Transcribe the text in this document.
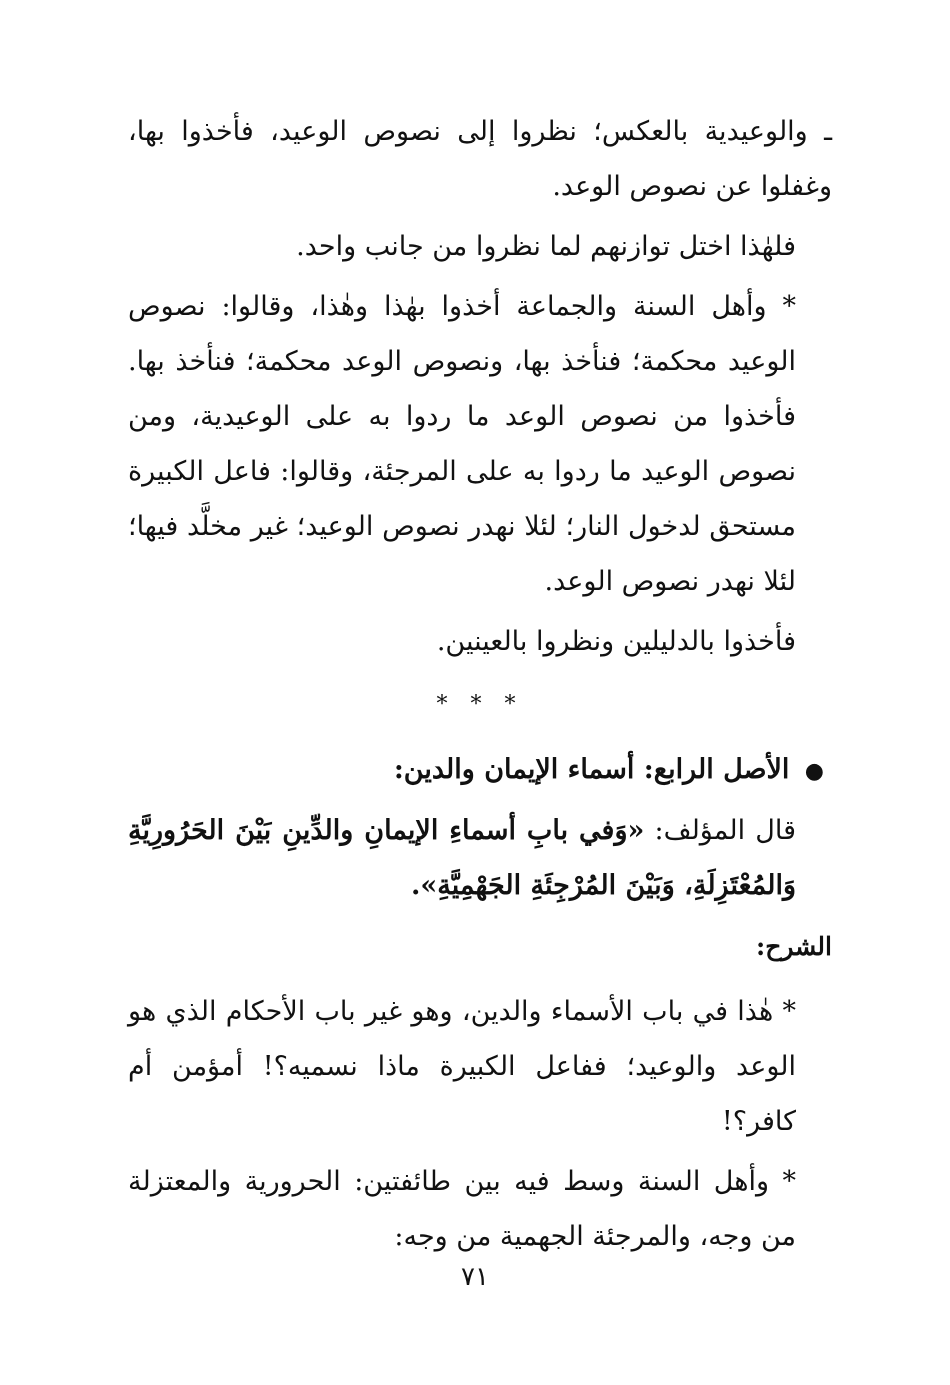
ـ والوعيدية بالعكس؛ نظروا إلى نصوص الوعيد، فأخذوا بها، وغفلوا عن نصوص الوعد.

فلهٰذا اختل توازنهم لما نظروا من جانب واحد.

* وأهل السنة والجماعة أخذوا بهٰذا وهٰذا، وقالوا: نصوص الوعيد محكمة؛ فنأخذ بها، ونصوص الوعد محكمة؛ فنأخذ بها. فأخذوا من نصوص الوعد ما ردوا به على الوعيدية، ومن نصوص الوعيد ما ردوا به على المرجئة، وقالوا: فاعل الكبيرة مستحق لدخول النار؛ لئلا نهدر نصوص الوعيد؛ غير مخلَّد فيها؛ لئلا نهدر نصوص الوعد.

فأخذوا بالدليلين ونظروا بالعينين.

* * *

● الأصل الرابع: أسماء الإيمان والدين:

قال المؤلف: «وَفي بابِ أسماءِ الإيمانِ والدِّينِ بَيْنَ الحَرُورِيَّةِ وَالمُعْتَزِلَةِ، وَبَيْنَ المُرْجِئَةِ الجَهْمِيَّةِ».

الشرح:

* هٰذا في باب الأسماء والدين، وهو غير باب الأحكام الذي هو الوعد والوعيد؛ ففاعل الكبيرة ماذا نسميه؟! أمؤمن أم كافر؟!

* وأهل السنة وسط فيه بين طائفتين: الحرورية والمعتزلة من وجه، والمرجئة الجهمية من وجه:

٧١
